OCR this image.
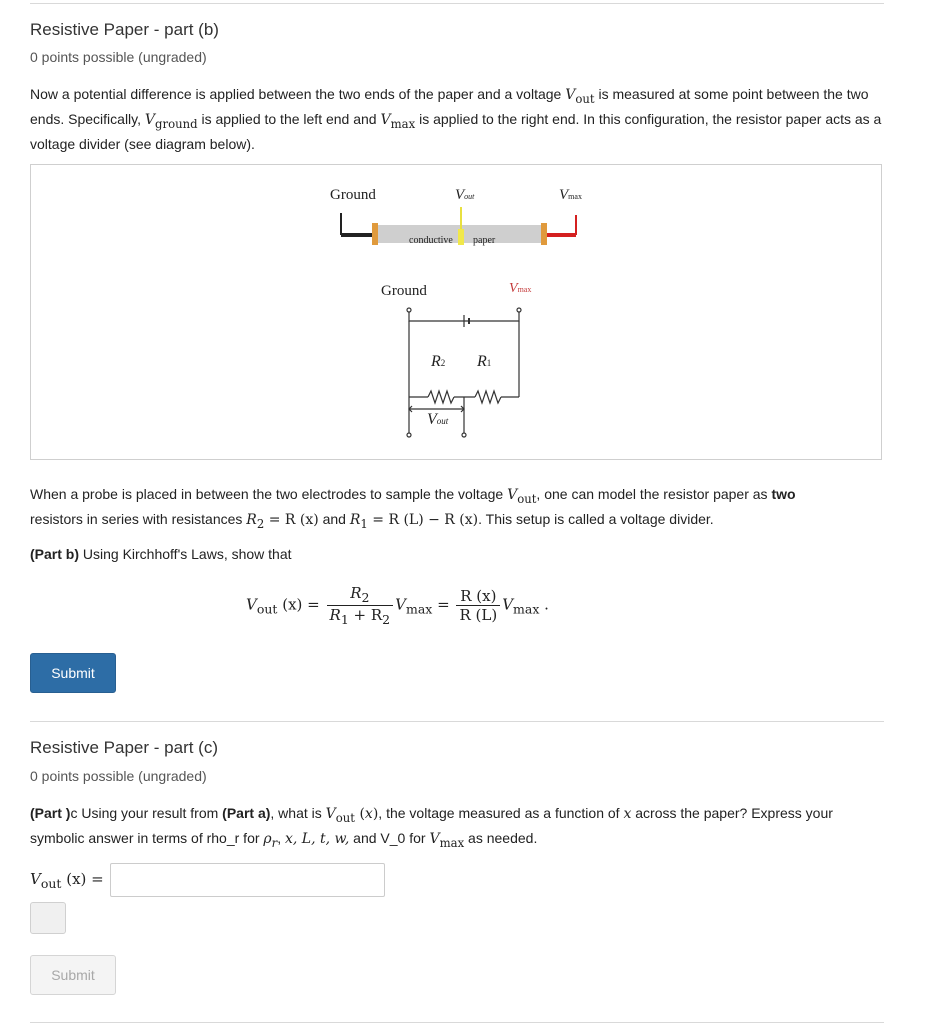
Resistive Paper - part (b)
0 points possible (ungraded)
Now a potential difference is applied between the two ends of the paper and a voltage $V_{out}$ is measured at some point between the two ends. Specifically, $V_{ground}$ is applied to the left end and $V_{max}$ is applied to the right end. In this configuration, the resistor paper acts as a voltage divider (see diagram below).
Ground	Vout	Vmax
conductive paper
Ground	Vmax
R2 R1
Vout
When a probe is placed in between the two electrodes to sample the voltage $V_{out}$, one can model the resistor paper as two
resistors in series with resistances $R_2 = R$ (x) and $R_1 = R$ (L) − R (x). This setup is called a voltage divider.
(Part b) Using Kirchhoff's Laws, show that
$V_{out}$ $(x) = \frac{R_2}{R_1 + R_2} V_{max} = \frac{R (x)}{R (L)} V_{max}$ .
Submit
Resistive Paper - part (c)
0 points possible (ungraded)
(Part )c Using your result from (Part a), what is $V_{out}$ (x), the voltage measured as a function of x across the paper? Express your symbolic answer in terms of rho_r for $\rho_r$, x, L, t, w, and V_0 for $V_{max}$ as needed.
$V_{out}$ (x) =
Submit
